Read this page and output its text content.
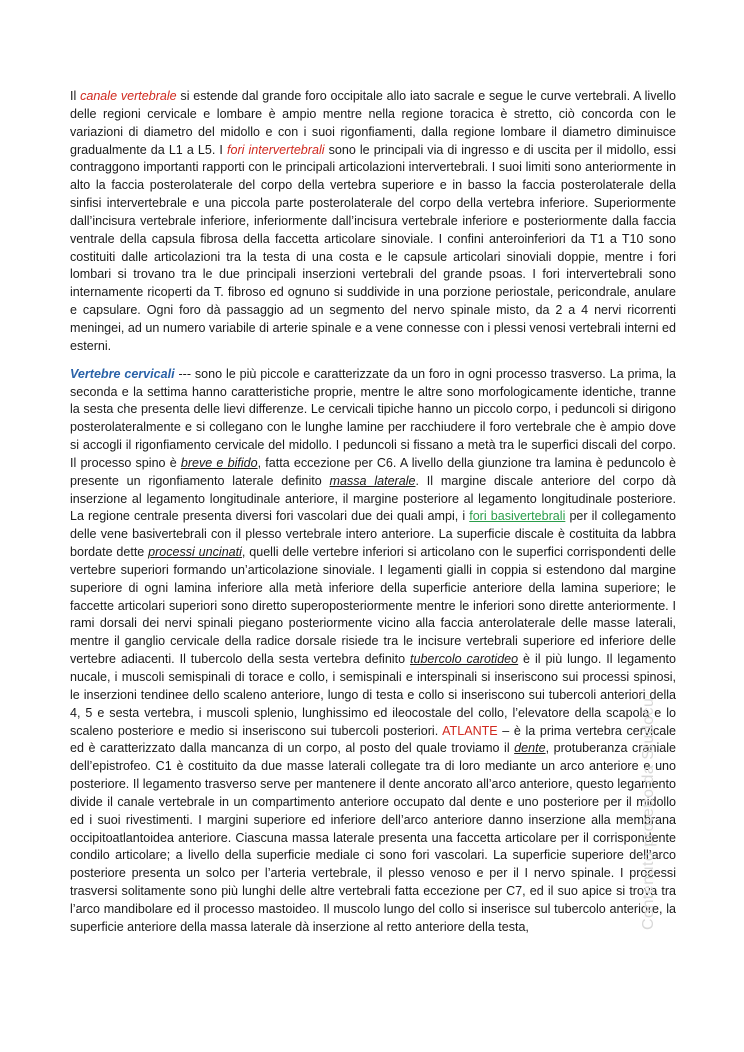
Il canale vertebrale si estende dal grande foro occipitale allo iato sacrale e segue le curve vertebrali. A livello delle regioni cervicale e lombare è ampio mentre nella regione toracica è stretto, ciò concorda con le variazioni di diametro del midollo e con i suoi rigonfiamenti, dalla regione lombare il diametro diminuisce gradualmente da L1 a L5. I fori intervertebrali sono le principali via di ingresso e di uscita per il midollo, essi contraggono importanti rapporti con le principali articolazioni intervertebrali. I suoi limiti sono anteriormente in alto la faccia posterolaterale del corpo della vertebra superiore e in basso la faccia posterolaterale della sinfisi intervertebrale e una piccola parte posterolaterale del corpo della vertebra inferiore. Superiormente dall’incisura vertebrale inferiore, inferiormente dall’incisura vertebrale inferiore e posteriormente dalla faccia ventrale della capsula fibrosa della faccetta articolare sinoviale. I confini anteroinferiori da T1 a T10 sono costituiti dalle articolazioni tra la testa di una costa e le capsule articolari sinoviali doppie, mentre i fori lombari si trovano tra le due principali inserzioni vertebrali del grande psoas. I fori intervertebrali sono internamente ricoperti da T. fibroso ed ognuno si suddivide in una porzione periostale, pericondrale, anulare e capsulare. Ogni foro dà passaggio ad un segmento del nervo spinale misto, da 2 a 4 nervi ricorrenti meningei, ad un numero variabile di arterie spinale e a vene connesse con i plessi venosi vertebrali interni ed esterni.

Vertebre cervicali --- sono le più piccole e caratterizzate da un foro in ogni processo trasverso. La prima, la seconda e la settima hanno caratteristiche proprie, mentre le altre sono morfologicamente identiche, tranne la sesta che presenta delle lievi differenze. Le cervicali tipiche hanno un piccolo corpo, i peduncoli si dirigono posterolateralmente e si collegano con le lunghe lamine per racchiudere il foro vertebrale che è ampio dove si accogli il rigonfiamento cervicale del midollo. I peduncoli si fissano a metà tra le superfici discali del corpo. Il processo spino è breve e bifido, fatta eccezione per C6. A livello della giunzione tra lamina è peduncolo è presente un rigonfiamento laterale definito massa laterale. Il margine discale anteriore del corpo dà inserzione al legamento longitudinale anteriore, il margine posteriore al legamento longitudinale posteriore. La regione centrale presenta diversi fori vascolari due dei quali ampi, i fori basivertebrali per il collegamento delle vene basivertebrali con il plesso vertebrale intero anteriore. La superficie discale è costituita da labbra bordate dette processi uncinati, quelli delle vertebre inferiori si articolano con le superfici corrispondenti delle vertebre superiori formando un’articolazione sinoviale. I legamenti gialli in coppia si estendono dal margine superiore di ogni lamina inferiore alla metà inferiore della superficie anteriore della lamina superiore; le faccette articolari superiori sono diretto superoposteriormente mentre le inferiori sono dirette anteriormente. I rami dorsali dei nervi spinali piegano posteriormente vicino alla faccia anterolaterale delle masse laterali, mentre il ganglio cervicale della radice dorsale risiede tra le incisure vertebrali superiore ed inferiore delle vertebre adiacenti. Il tubercolo della sesta vertebra definito tubercolo carotideo è il più lungo. Il legamento nucale, i muscoli semispinali di torace e collo, i semispinali e interspinali si inseriscono sui processi spinosi, le inserzioni tendinee dello scaleno anteriore, lungo di testa e collo si inseriscono sui tubercoli anteriori della 4, 5 e sesta vertebra, i muscoli splenio, lunghissimo ed ileocostale del collo, l’elevatore della scapola e lo scaleno posteriore e medio si inseriscono sui tubercoli posteriori. ATLANTE – è la prima vertebra cervicale ed è caratterizzato dalla mancanza di un corpo, al posto del quale troviamo il dente, protuberanza craniale dell’epistrofeo. C1 è costituito da due masse laterali collegate tra di loro mediante un arco anteriore e uno posteriore. Il legamento trasverso serve per mantenere il dente ancorato all’arco anteriore, questo legamento divide il canale vertebrale in un compartimento anteriore occupato dal dente e uno posteriore per il midollo ed i suoi rivestimenti. I margini superiore ed inferiore dell’arco anteriore danno inserzione alla membrana occipitoatlantoidea anteriore. Ciascuna massa laterale presenta una faccetta articolare per il corrispondente condilo articolare; a livello della superficie mediale ci sono fori vascolari. La superficie superiore dell’arco posteriore presenta un solco per l’arteria vertebrale, il plesso venoso e per il I nervo spinale. I processi trasversi solitamente sono più lunghi delle altre vertebrali fatta eccezione per C7, ed il suo apice si trova tra l’arco mandibolare ed il processo mastoideo. Il muscolo lungo del collo si inserisce sul tubercolo anteriore, la superficie anteriore della massa laterale dà inserzione al retto anteriore della testa,	Contenuto protetto da Studocu
